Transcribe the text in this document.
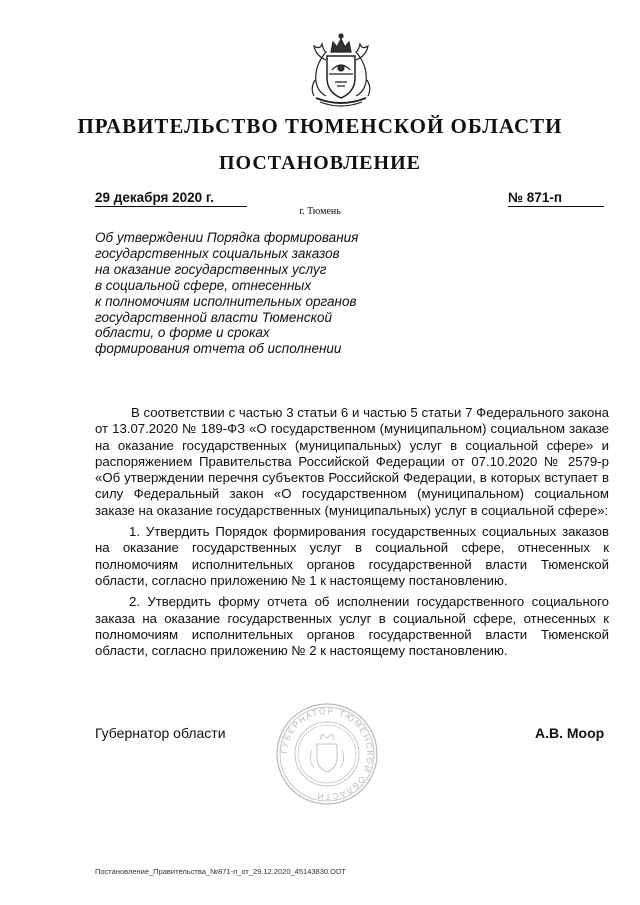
ПРАВИТЕЛЬСТВО ТЮМЕНСКОЙ ОБЛАСТИ
ПОСТАНОВЛЕНИЕ
29 декабря 2020 г.	№ 871-п
г. Тюмень
Об утверждении Порядка формирования
государственных социальных заказов
на оказание государственных услуг
в социальной сфере, отнесенных
к полномочиям исполнительных органов
государственной власти Тюменской
области, о форме и сроках
формирования отчета об исполнении

В соответствии с частью 3 статьи 6 и частью 5 статьи 7 Федерального закона от 13.07.2020 № 189-ФЗ «О государственном (муниципальном) социальном заказе на оказание государственных (муниципальных) услуг в социальной сфере» и распоряжением Правительства Российской Федерации от 07.10.2020 № 2579-р «Об утверждении перечня субъектов Российской Федерации, в которых вступает в силу Федеральный закон «О государственном (муниципальном) социальном заказе на оказание государственных (муниципальных) услуг в социальной сфере»:

1. Утвердить Порядок формирования государственных социальных заказов на оказание государственных услуг в социальной сфере, отнесенных к полномочиям исполнительных органов государственной власти Тюменской области, согласно приложению № 1 к настоящему постановлению.

2. Утвердить форму отчета об исполнении государственного социального заказа на оказание государственных услуг в социальной сфере, отнесенных к полномочиям исполнительных органов государственной власти Тюменской области, согласно приложению № 2 к настоящему постановлению.

ГУБЕРНАТОР ТЮМЕНСКОЙ ОБЛАСТИ
Губернатор области	А.В. Моор
Постановление_Правительства_№871-п_от_29.12.2020_45143830.ODT
